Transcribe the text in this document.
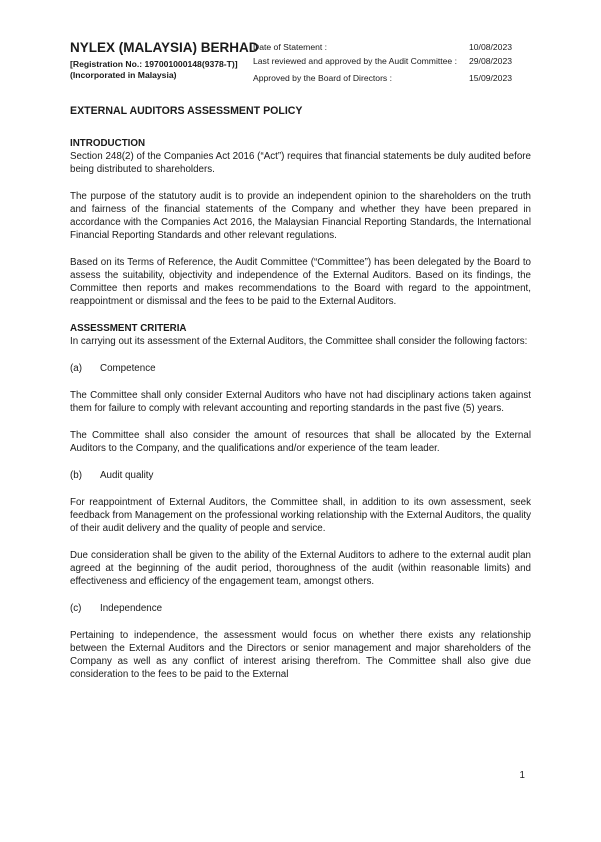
NYLEX (MALAYSIA) BERHAD
[Registration No.: 197001000148(9378-T)]
(Incorporated in Malaysia)
Date of Statement :	10/08/2023
Last reviewed and approved by the Audit Committee :	29/08/2023
Approved by the Board of Directors :	15/09/2023
EXTERNAL AUDITORS ASSESSMENT POLICY
INTRODUCTION

Section 248(2) of the Companies Act 2016 (“Act”) requires that financial statements be duly audited before being distributed to shareholders.

The purpose of the statutory audit is to provide an independent opinion to the shareholders on the truth and fairness of the financial statements of the Company and whether they have been prepared in accordance with the Companies Act 2016, the Malaysian Financial Reporting Standards, the International Financial Reporting Standards and other relevant regulations.

Based on its Terms of Reference, the Audit Committee (“Committee”) has been delegated by the Board to assess the suitability, objectivity and independence of the External Auditors. Based on its findings, the Committee then reports and makes recommendations to the Board with regard to the appointment, reappointment or dismissal and the fees to be paid to the External Auditors.

ASSESSMENT CRITERIA

In carrying out its assessment of the External Auditors, the Committee shall consider the following factors:

(a)	Competence

The Committee shall only consider External Auditors who have not had disciplinary actions taken against them for failure to comply with relevant accounting and reporting standards in the past five (5) years.

The Committee shall also consider the amount of resources that shall be allocated by the External Auditors to the Company, and the qualifications and/or experience of the team leader.

(b)	Audit quality

For reappointment of External Auditors, the Committee shall, in addition to its own assessment, seek feedback from Management on the professional working relationship with the External Auditors, the quality of their audit delivery and the quality of people and service.

Due consideration shall be given to the ability of the External Auditors to adhere to the external audit plan agreed at the beginning of the audit period, thoroughness of the audit (within reasonable limits) and effectiveness and efficiency of the engagement team, amongst others.

(c)	Independence

Pertaining to independence, the assessment would focus on whether there exists any relationship between the External Auditors and the Directors or senior management and major shareholders of the Company as well as any conflict of interest arising therefrom. The Committee shall also give due consideration to the fees to be paid to the External

1
